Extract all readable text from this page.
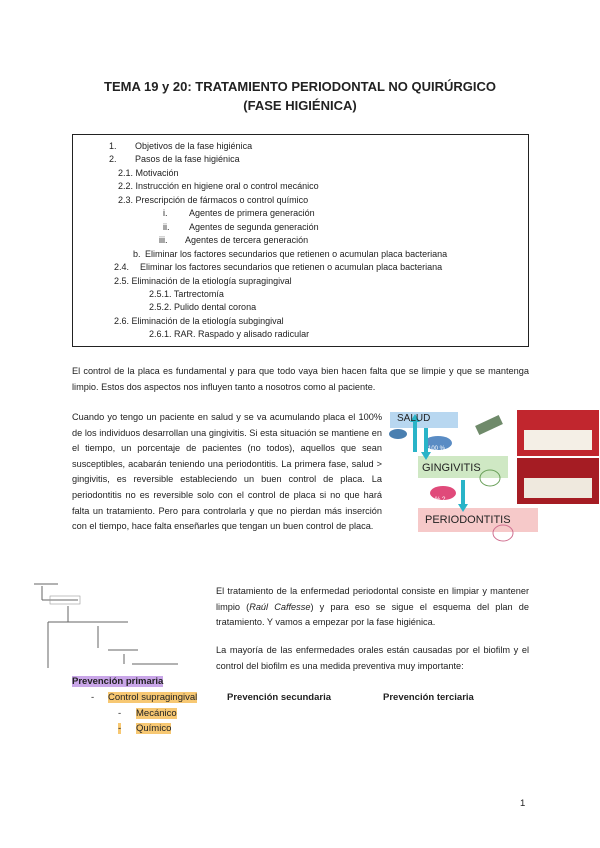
TEMA 19 y 20: TRATAMIENTO PERIODONTAL NO QUIRÚRGICO
(FASE HIGIÉNICA)
1. Objetivos de la fase higiénica
2. Pasos de la fase higiénica
2.1. Motivación
2.2. Instrucción en higiene oral o control mecánico
2.3. Prescripción de fármacos o control químico
i. Agentes de primera generación
ii. Agentes de segunda generación
iii. Agentes de tercera generación
b. Eliminar los factores secundarios que retienen o acumulan placa bacteriana
2.4. Eliminar los factores secundarios que retienen o acumulan placa bacteriana
2.5. Eliminación de la etiología supragingival
2.5.1. Tartrectomía
2.5.2. Pulido dental corona
2.6. Eliminación de la etiología subgingival
2.6.1. RAR. Raspado y alisado radicular
El control de la placa es fundamental y para que todo vaya bien hacen falta que se limpie y que se mantenga limpio. Estos dos aspectos nos influyen tanto a nosotros como al paciente.
Cuando yo tengo un paciente en salud y se va acumulando placa el 100% de los individuos desarrollan una gingivitis. Si esta situación se mantiene en el tiempo, un porcentaje de pacientes (no todos), aquellos que sean susceptibles, acabarán teniendo una periodontitis. La primera fase, salud > gingivitis, es reversible estableciendo un buen control de placa. La periodontitis no es reversible solo con el control de placa si no que hará falta un tratamiento. Pero para controlarla y que no pierdan más inserción con el tiempo, hace falta enseñarles que tengan un buen control de placa.
SALUD
100 %
GINGIVITIS
% ?
PERIODONTITIS
El tratamiento de la enfermedad periodontal consiste en limpiar y mantener limpio (Raúl Caffesse) y para eso se sigue el esquema del plan de tratamiento. Y vamos a empezar por la fase higiénica.
La mayoría de las enfermedades orales están causadas por el biofilm y el control del biofilm es una medida preventiva muy importante:
Prevención primaria
- Control supragingival	Prevención secundaria	Prevención terciaria
- Mecánico
- Químico
1
